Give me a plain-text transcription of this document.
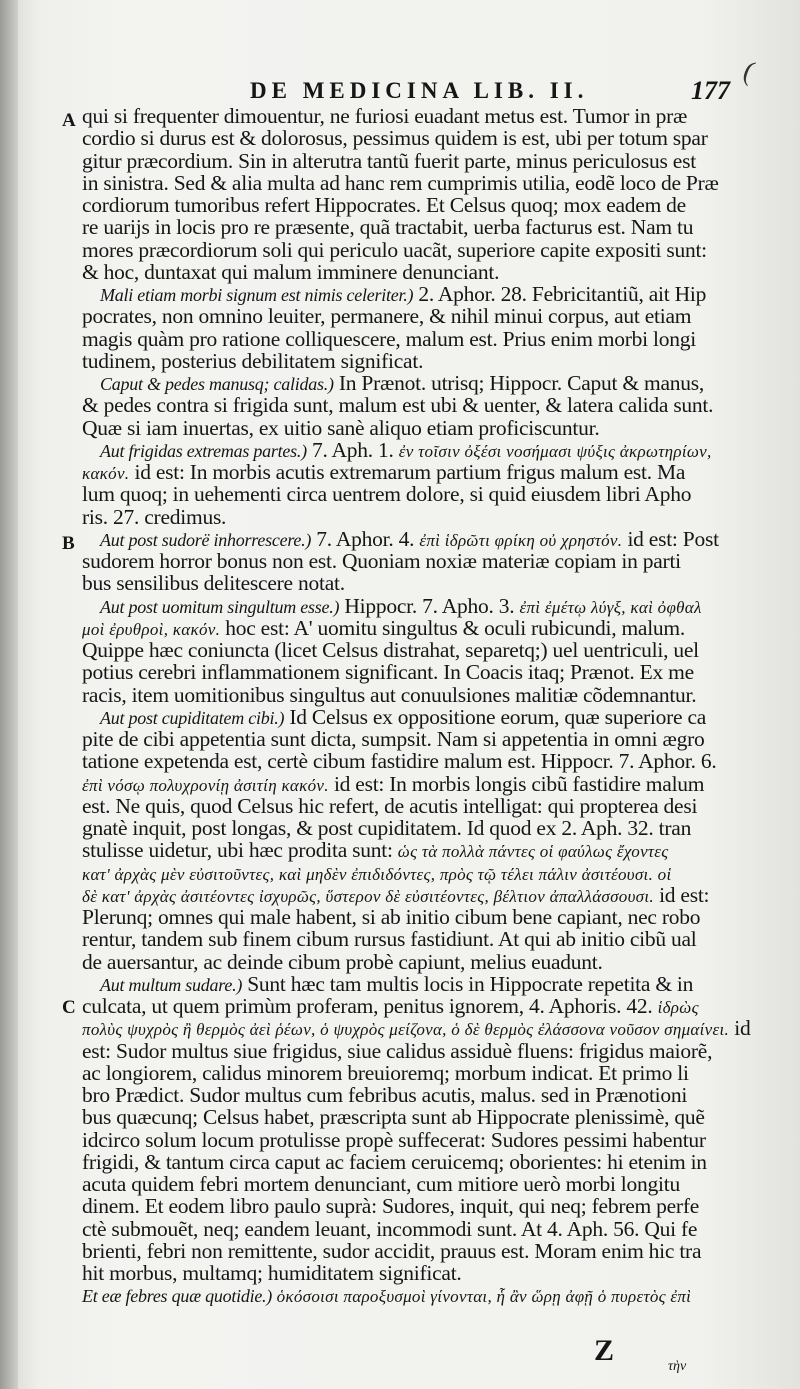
(
DE MEDICINA LIB. II.	177
A
B
C
qui si frequenter dimouentur, ne furiosi euadant metus est. Tumor in præ
cordio si durus est & dolorosus, pessimus quidem is est, ubi per totum spar
gitur præcordium. Sin in alterutra tantũ fuerit parte, minus periculosus est
in sinistra. Sed & alia multa ad hanc rem cumprimis utilia, eodẽ loco de Præ
cordiorum tumoribus refert Hippocrates. Et Celsus quoq; mox eadem de
re uarijs in locis pro re præsente, quã tractabit, uerba facturus est. Nam tu
mores præcordiorum soli qui periculo uacãt, superiore capite expositi sunt:
& hoc, duntaxat qui malum imminere denunciant.
Mali etiam morbi signum est nimis celeriter.) 2. Aphor. 28. Febricitantiũ, ait Hip
pocrates, non omnino leuiter, permanere, & nihil minui corpus, aut etiam
magis quàm pro ratione colliquescere, malum est. Prius enim morbi longi
tudinem, posterius debilitatem significat.
Caput & pedes manusq; calidas.) In Prænot. utrisq; Hippocr. Caput & manus,
& pedes contra si frigida sunt, malum est ubi & uenter, & latera calida sunt.
Quæ si iam inuertas, ex uitio sanè aliquo etiam proficiscuntur.
Aut frigidas extremas partes.) 7. Aph. 1. ἐν τοῖσιν ὀξέσι νοσήμασι ψύξις ἀκρωτηρίων,
κακόν. id est: In morbis acutis extremarum partium frigus malum est. Ma
lum quoq; in uehementi circa uentrem dolore, si quid eiusdem libri Apho
ris. 27. credimus.
Aut post sudorë inhorrescere.) 7. Aphor. 4. ἐπὶ ἱδρῶτι φρίκη οὐ χρηστόν. id est: Post
sudorem horror bonus non est. Quoniam noxiæ materiæ copiam in parti
bus sensilibus delitescere notat.
Aut post uomitum singultum esse.) Hippocr. 7. Apho. 3. ἐπὶ ἐμέτῳ λύγξ, καὶ ὀφθαλ
μοὶ ἐρυθροὶ, κακόν. hoc est: A' uomitu singultus & oculi rubicundi, malum.
Quippe hæc coniuncta (licet Celsus distrahat, separetq;) uel uentriculi, uel
potius cerebri inflammationem significant. In Coacis itaq; Prænot. Ex me
racis, item uomitionibus singultus aut conuulsiones malitiæ cõdemnantur.
Aut post cupiditatem cibi.) Id Celsus ex oppositione eorum, quæ superiore ca
pite de cibi appetentia sunt dicta, sumpsit. Nam si appetentia in omni ægro
tatione expetenda est, certè cibum fastidire malum est. Hippocr. 7. Aphor. 6.
ἐπὶ νόσῳ πολυχρονίῃ ἀσιτίη κακόν. id est: In morbis longis cibũ fastidire malum
est. Ne quis, quod Celsus hic refert, de acutis intelligat: qui propterea desi
gnatè inquit, post longas, & post cupiditatem. Id quod ex 2. Aph. 32. tran
stulisse uidetur, ubi hæc prodita sunt: ὡς τὰ πολλὰ πάντες οἱ φαύλως ἔχοντες
κατ' ἀρχὰς μὲν εὐσιτοῦντες, καὶ μηδὲν ἐπιδιδόντες, πρὸς τῷ τέλει πάλιν ἀσιτέουσι. οἱ
δὲ κατ' ἀρχὰς ἀσιτέοντες ἰσχυρῶς, ὕστερον δὲ εὐσιτέοντες, βέλτιον ἀπαλλάσσουσι. id est:
Plerunq; omnes qui male habent, si ab initio cibum bene capiant, nec robo
rentur, tandem sub finem cibum rursus fastidiunt. At qui ab initio cibũ ual
de auersantur, ac deinde cibum probè capiunt, melius euadunt.
Aut multum sudare.) Sunt hæc tam multis locis in Hippocrate repetita & in
culcata, ut quem primùm proferam, penitus ignorem, 4. Aphoris. 42. ἱδρὼς
πολὺς ψυχρὸς ἢ θερμὸς ἀεὶ ῥέων, ὁ ψυχρὸς μείζονα, ὁ δὲ θερμὸς ἐλάσσονα νοῦσον σημαίνει. id
est: Sudor multus siue frigidus, siue calidus assiduè fluens: frigidus maiorẽ,
ac longiorem, calidus minorem breuioremq; morbum indicat. Et primo li
bro Prædict. Sudor multus cum febribus acutis, malus. sed in Prænotioni
bus quæcunq; Celsus habet, præscripta sunt ab Hippocrate plenissimè, quẽ
idcirco solum locum protulisse propè suffecerat: Sudores pessimi habentur
frigidi, & tantum circa caput ac faciem ceruicemq; oborientes: hi etenim in
acuta quidem febri mortem denunciant, cum mitiore uerò morbi longitu
dinem. Et eodem libro paulo suprà: Sudores, inquit, qui neq; febrem perfe
ctè submouẽt, neq; eandem leuant, incommodi sunt. At 4. Aph. 56. Qui fe
brienti, febri non remittente, sudor accidit, prauus est. Moram enim hic tra
hit morbus, multamq; humiditatem significat.
Et eæ febres quæ quotidie.) ὁκόσοισι παροξυσμοὶ γίνονται, ἧ ἂν ὥρῃ ἀφῇ ὁ πυρετὸς ἐπὶ
Z	τὴν
